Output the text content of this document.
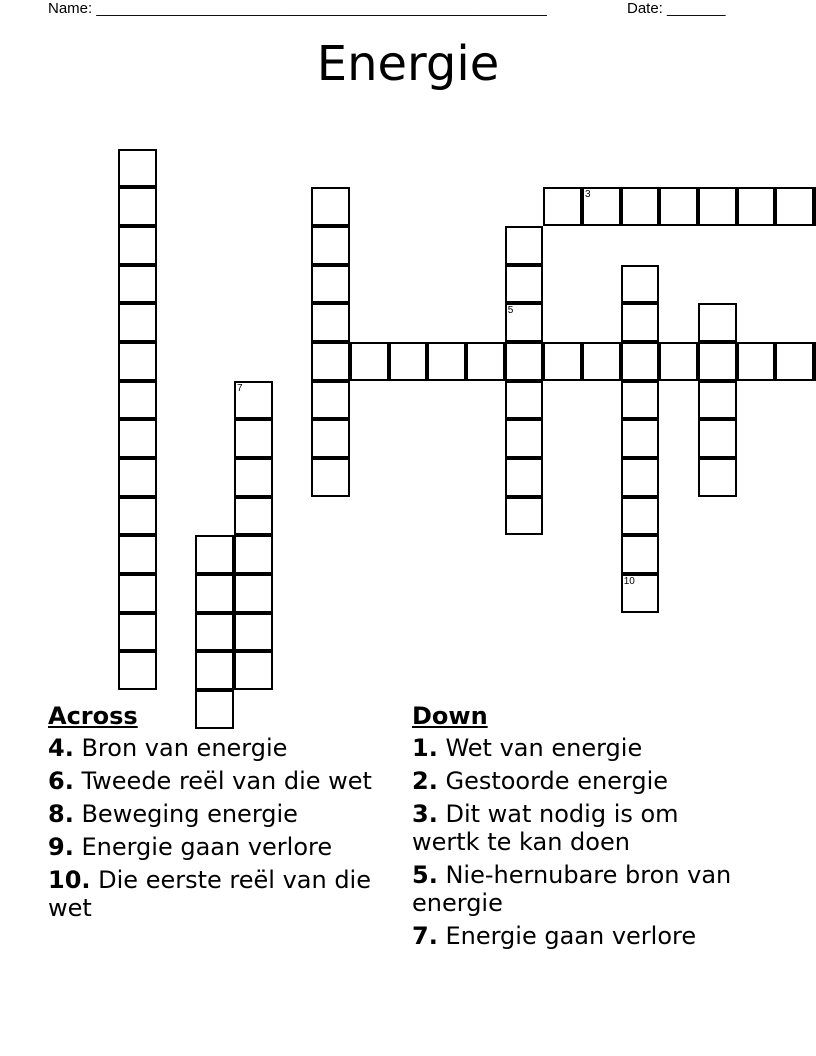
Name: ______________________________________________________	Date: _______
Energie
5
3
10
7
Across
4. Bron van energie
6. Tweede reël van die wet
8. Beweging energie
9. Energie gaan verlore
10. Die eerste reël van die wet
Down
1. Wet van energie
2. Gestoorde energie
3. Dit wat nodig is om wertk te kan doen
5. Nie-hernubare bron van energie
7. Energie gaan verlore
